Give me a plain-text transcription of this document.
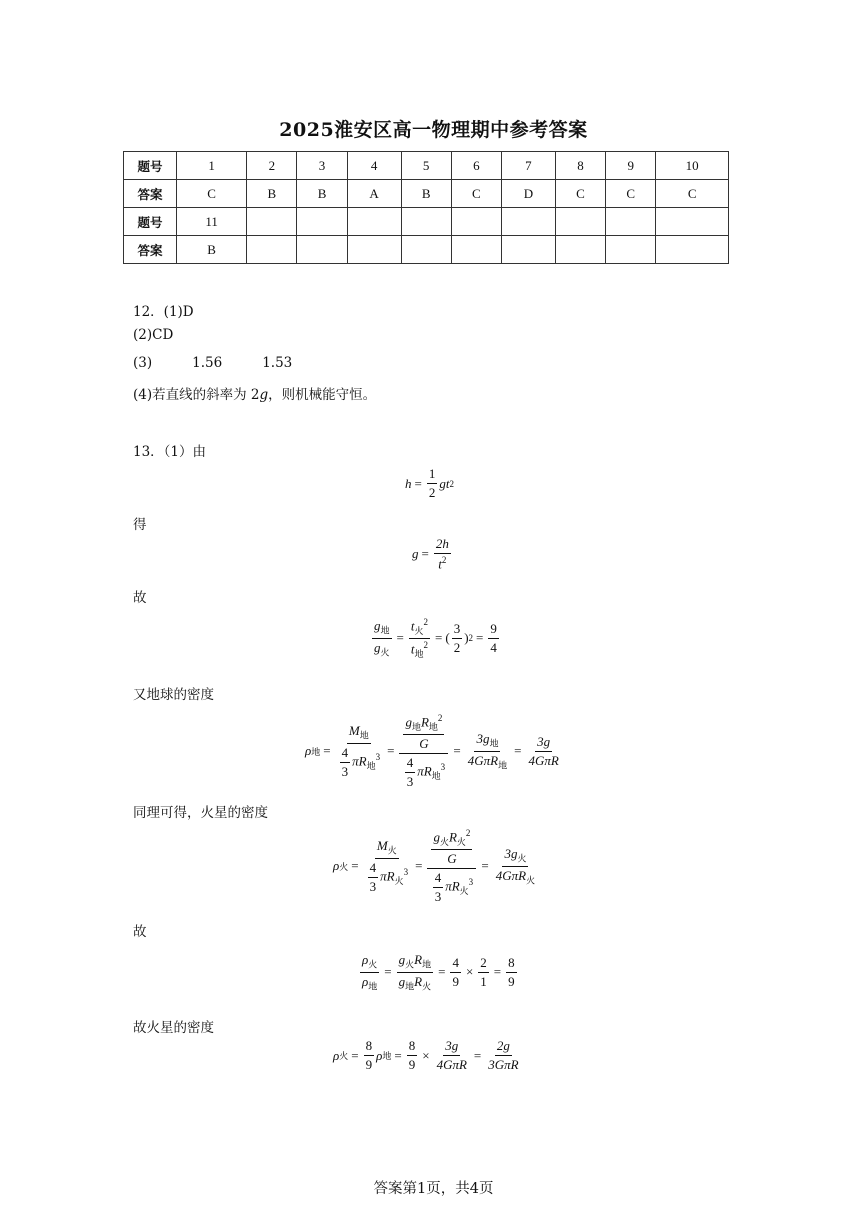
2025淮安区高一物理期中参考答案
题号	1	2	3	4	5	6	7	8	9	10
答案	C	B	B	A	B	C	D	C	C	C
题号	11									
答案	B									
12．(1)D
(2)CD
(3)	1.56	1.53
(4)若直线的斜率为 2g，则机械能守恒。
13．（1）由
$h = \frac{1}{2}$ gt 2
得
$g = \frac{2h}{t^2}$
故
$\frac{g_地}{g_火} = \frac{t_火^2}{t_地^2}$ = ( $\frac{3}{2}$ ) $2 = \frac{9}{4}$
又地球的密度
ρ 地 = $\frac{M_地}{\frac{4}{3} \pi R_地^3} = \frac{\frac{g_地R_地^2}{G}}{\frac{4}{3} \pi R_地^3} = \frac{3g_地}{4G\pi R_地} = \frac{3g}{\text{4GπR}}$
同理可得，火星的密度
ρ 火 = $\frac{M_火}{\frac{4}{3} \pi R_火^3} = \frac{\frac{g_火R_火^2}{G}}{\frac{4}{3} \pi R_火^3} = \frac{3g_火}{4G\pi R_火}$
故
$\frac{\rho_火}{\rho_地} = \frac{g_火R_地}{g_地R_火} = \frac{4}{9} \times \frac{2}{1} = \frac{8}{9}$
故火星的密度
ρ 火 = $\frac{8}{9}$ ρ 地 = $\frac{8}{9} \times \frac{3g}{\text{4GπR}} = \frac{2g}{\text{3GπR}}$
答案第1页，共4页
